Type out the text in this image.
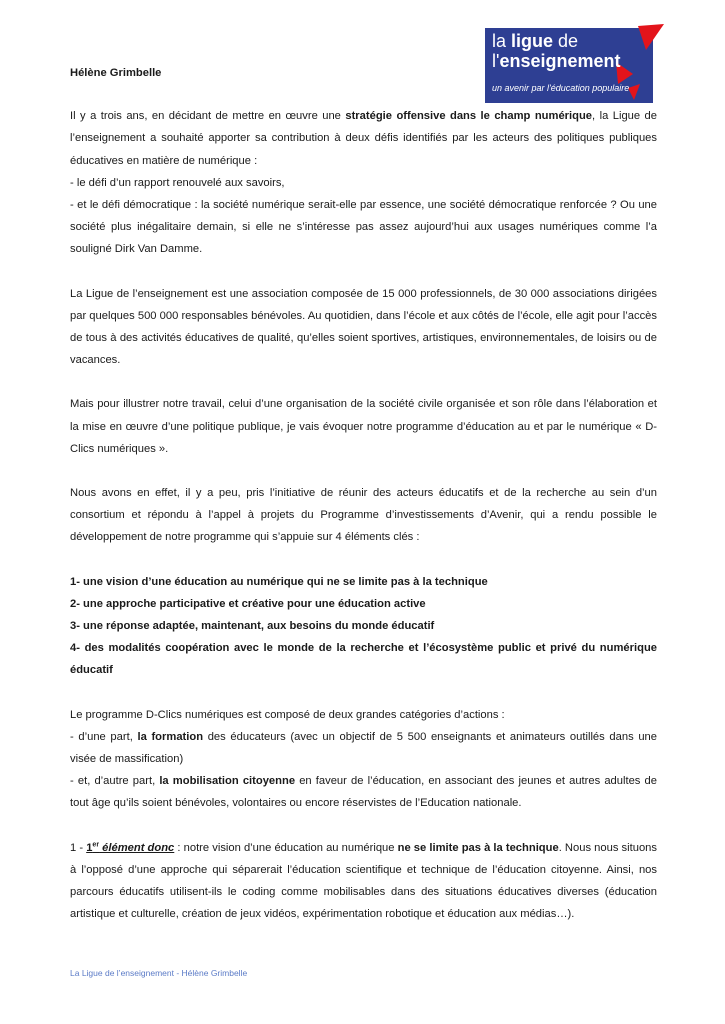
la ligue de
l'enseignement
un avenir par l'éducation populaire

Hélène Grimbelle

Il y a trois ans, en décidant de mettre en œuvre une stratégie offensive dans le champ numérique, la Ligue de l’enseignement a souhaité apporter sa contribution à deux défis identifiés par les acteurs des politiques publiques éducatives en matière de numérique :

- le défi d’un rapport renouvelé aux savoirs,

- et le défi démocratique : la société numérique serait-elle par essence, une société démocratique renforcée ? Ou une société plus inégalitaire demain, si elle ne s’intéresse pas assez aujourd’hui aux usages numériques comme l’a souligné Dirk Van Damme.

La Ligue de l’enseignement est une association composée de 15 000 professionnels, de 30 000 associations dirigées par quelques 500 000 responsables bénévoles. Au quotidien, dans l’école et aux côtés de l’école, elle agit pour l’accès de tous à des activités éducatives de qualité, qu’elles soient sportives, artistiques, environnementales, de loisirs ou de vacances.

Mais pour illustrer notre travail, celui d’une organisation de la société civile organisée et son rôle dans l’élaboration et la mise en œuvre d’une politique publique, je vais évoquer notre programme d’éducation au et par le numérique « D-Clics numériques ».

Nous avons en effet, il y a peu, pris l’initiative de réunir des acteurs éducatifs et de la recherche au sein d’un consortium et répondu à l’appel à projets du Programme d’investissements d’Avenir, qui a rendu possible le développement de notre programme qui s’appuie sur 4 éléments clés :

1- une vision d’une éducation au numérique qui ne se limite pas à la technique

2- une approche participative et créative pour une éducation active

3- une réponse adaptée, maintenant, aux besoins du monde éducatif

4- des modalités coopération avec le monde de la recherche et l’écosystème public et privé du numérique éducatif

Le programme D-Clics numériques est composé de deux grandes catégories d’actions :

- d’une part, la formation des éducateurs (avec un objectif de 5 500 enseignants et animateurs outillés dans une visée de massification)

- et, d’autre part, la mobilisation citoyenne en faveur de l’éducation, en associant des jeunes et autres adultes de tout âge qu’ils soient bénévoles, volontaires ou encore réservistes de l’Education nationale.

1 - 1er élément donc : notre vision d’une éducation au numérique ne se limite pas à la technique. Nous nous situons à l’opposé d’une approche qui séparerait l’éducation scientifique et technique de l’éducation citoyenne. Ainsi, nos parcours éducatifs utilisent-ils le coding comme mobilisables dans des situations éducatives diverses (éducation artistique et culturelle, création de jeux vidéos, expérimentation robotique et éducation aux médias…).

La Ligue de l’enseignement - Hélène Grimbelle
